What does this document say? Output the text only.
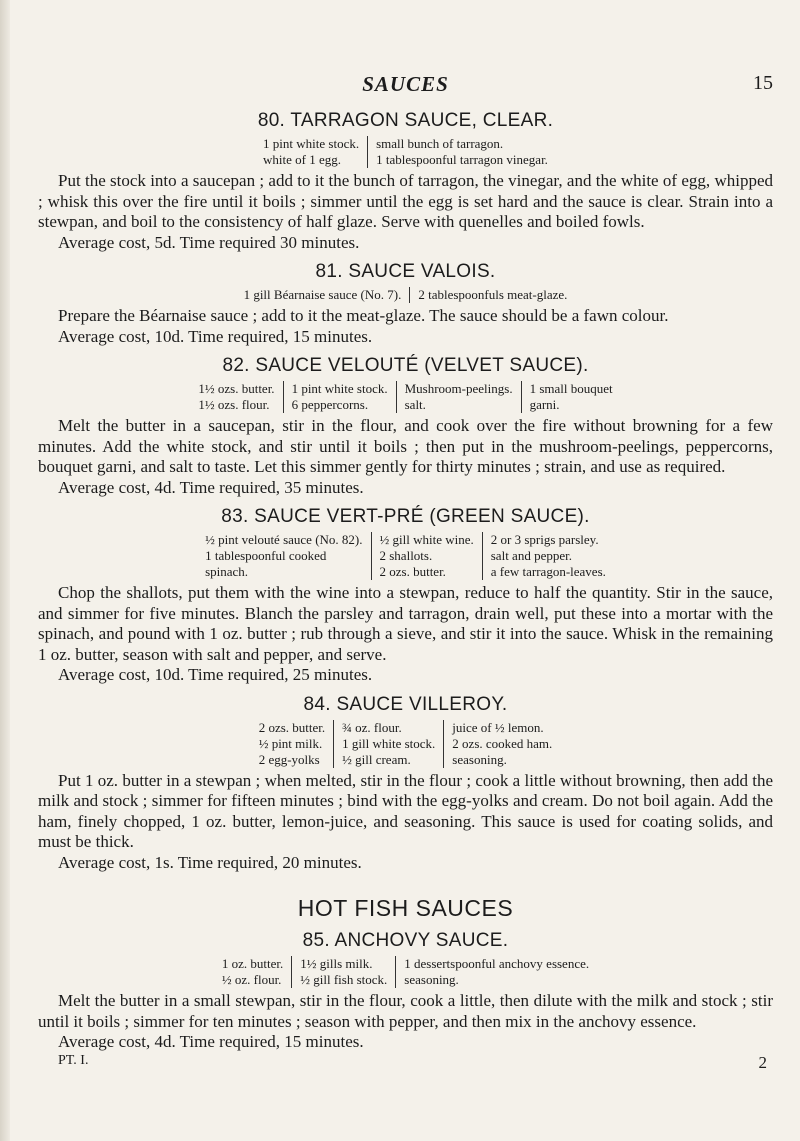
SAUCES	15
80. TARRAGON SAUCE, CLEAR.
1 pint white stock.
white of 1 egg.
small bunch of tarragon.
1 tablespoonful tarragon vinegar.

Put the stock into a saucepan ; add to it the bunch of tarragon, the vinegar, and the white of egg, whipped ; whisk this over the fire until it boils ; simmer until the egg is set hard and the sauce is clear. Strain into a stewpan, and boil to the consistency of half glaze. Serve with quenelles and boiled fowls.

Average cost, 5d. Time required 30 minutes.

81. SAUCE VALOIS.
1 gill Béarnaise sauce (No. 7). 2 tablespoonfuls meat-glaze.

Prepare the Béarnaise sauce ; add to it the meat-glaze. The sauce should be a fawn colour.

Average cost, 10d. Time required, 15 minutes.

82. SAUCE VELOUTÉ (VELVET SAUCE).
1½ ozs. butter.
1½ ozs. flour.
1 pint white stock.
6 peppercorns.
Mushroom-peelings.
salt.
1 small bouquet
garni.

Melt the butter in a saucepan, stir in the flour, and cook over the fire without browning for a few minutes. Add the white stock, and stir until it boils ; then put in the mushroom-peelings, peppercorns, bouquet garni, and salt to taste. Let this simmer gently for thirty minutes ; strain, and use as required.

Average cost, 4d. Time required, 35 minutes.

83. SAUCE VERT-PRÉ (GREEN SAUCE).
½ pint velouté sauce (No. 82).
1 tablespoonful cooked
spinach.
½ gill white wine.
2 shallots.
2 ozs. butter.
2 or 3 sprigs parsley.
salt and pepper.
a few tarragon-leaves.

Chop the shallots, put them with the wine into a stewpan, reduce to half the quantity. Stir in the sauce, and simmer for five minutes. Blanch the parsley and tarragon, drain well, put these into a mortar with the spinach, and pound with 1 oz. butter ; rub through a sieve, and stir it into the sauce. Whisk in the remaining 1 oz. butter, season with salt and pepper, and serve.

Average cost, 10d. Time required, 25 minutes.

84. SAUCE VILLEROY.
2 ozs. butter.
½ pint milk.
2 egg-yolks
¾ oz. flour.
1 gill white stock.
½ gill cream.
juice of ½ lemon.
2 ozs. cooked ham.
seasoning.

Put 1 oz. butter in a stewpan ; when melted, stir in the flour ; cook a little without browning, then add the milk and stock ; simmer for fifteen minutes ; bind with the egg-yolks and cream. Do not boil again. Add the ham, finely chopped, 1 oz. butter, lemon-juice, and seasoning. This sauce is used for coating solids, and must be thick.

Average cost, 1s. Time required, 20 minutes.

HOT FISH SAUCES
85. ANCHOVY SAUCE.
1 oz. butter.
½ oz. flour.
1½ gills milk.
½ gill fish stock.
1 dessertspoonful anchovy essence.
seasoning.

Melt the butter in a small stewpan, stir in the flour, cook a little, then dilute with the milk and stock ; stir until it boils ; simmer for ten minutes ; season with pepper, and then mix in the anchovy essence.

Average cost, 4d. Time required, 15 minutes.

PT. I.	2
